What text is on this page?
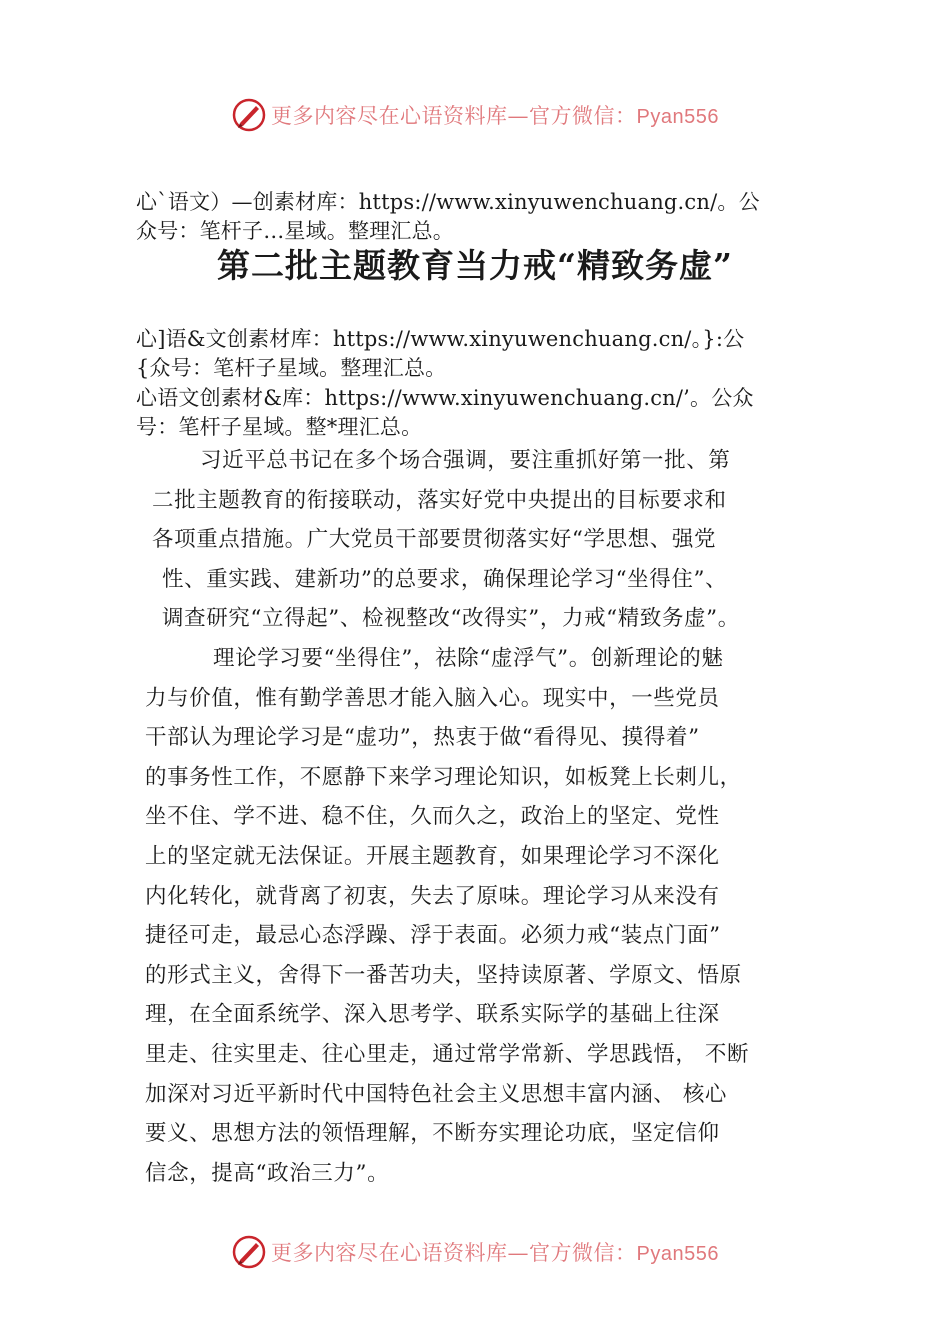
更多内容尽在心语资料库—官方微信：Pyan556
心`语文）—创素材库：https://www.xinyuwenchuang.cn/。公
众号：笔杆子…星域。整理汇总。
第二批主题教育当力戒“精致务虚”
心]语&文创素材库：https://www.xinyuwenchuang.cn/。}:公
{众号：笔杆子星域。整理汇总。
心语文创素材&库：https://www.xinyuwenchuang.cn/’。公众
号：笔杆子星域。整*理汇总。
习近平总书记在多个场合强调，要注重抓好第一批、第
二批主题教育的衔接联动，落实好党中央提出的目标要求和
各项重点措施。广大党员干部要贯彻落实好“学思想、强党
性、重实践、建新功”的总要求，确保理论学习“坐得住”、
调查研究“立得起”、检视整改“改得实”，力戒“精致务虚”。
理论学习要“坐得住”，祛除“虚浮气”。创新理论的魅
力与价值，惟有勤学善思才能入脑入心。现实中，一些党员
干部认为理论学习是“虚功”，热衷于做“看得见、摸得着”
的事务性工作，不愿静下来学习理论知识，如板凳上长刺儿，
坐不住、学不进、稳不住，久而久之，政治上的坚定、党性
上的坚定就无法保证。开展主题教育，如果理论学习不深化
内化转化，就背离了初衷，失去了原味。理论学习从来没有
捷径可走，最忌心态浮躁、浮于表面。必须力戒“装点门面”
的形式主义，舍得下一番苦功夫，坚持读原著、学原文、悟原
理，在全面系统学、深入思考学、联系实际学的基础上往深
里走、往实里走、往心里走，通过常学常新、学思践悟， 不断
加深对习近平新时代中国特色社会主义思想丰富内涵、 核心
要义、思想方法的领悟理解，不断夯实理论功底，坚定信仰
信念，提高“政治三力”。
更多内容尽在心语资料库—官方微信：Pyan556
